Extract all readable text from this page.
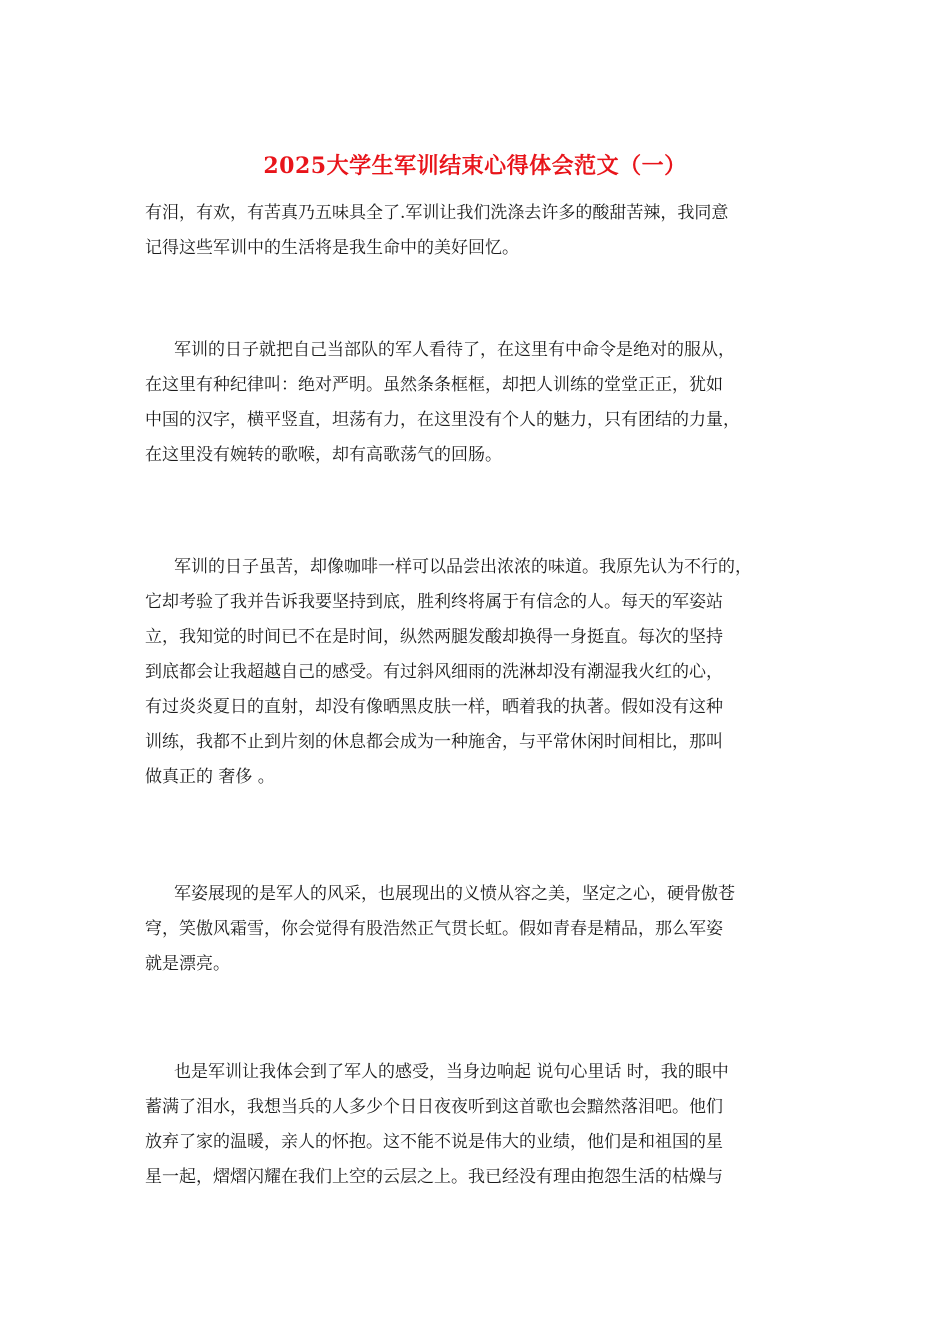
2025大学生军训结束心得体会范文（一）
有泪，有欢，有苦真乃五味具全了.军训让我们洗涤去许多的酸甜苦辣，我同意
记得这些军训中的生活将是我生命中的美好回忆。
军训的日子就把自己当部队的军人看待了，在这里有中命令是绝对的服从，
在这里有种纪律叫：绝对严明。虽然条条框框，却把人训练的堂堂正正，犹如
中国的汉字，横平竖直，坦荡有力，在这里没有个人的魅力，只有团结的力量，
在这里没有婉转的歌喉，却有高歌荡气的回肠。
军训的日子虽苦，却像咖啡一样可以品尝出浓浓的味道。我原先认为不行的，
它却考验了我并告诉我要坚持到底，胜利终将属于有信念的人。每天的军姿站
立，我知觉的时间已不在是时间，纵然两腿发酸却换得一身挺直。每次的坚持
到底都会让我超越自己的感受。有过斜风细雨的洗淋却没有潮湿我火红的心，
有过炎炎夏日的直射，却没有像晒黑皮肤一样，晒着我的执著。假如没有这种
训练，我都不止到片刻的休息都会成为一种施舍，与平常休闲时间相比，那叫
做真正的 奢侈 。
军姿展现的是军人的风采，也展现出的义愤从容之美，坚定之心，硬骨傲苍
穹，笑傲风霜雪，你会觉得有股浩然正气贯长虹。假如青春是精品，那么军姿
就是漂亮。
也是军训让我体会到了军人的感受，当身边响起 说句心里话 时，我的眼中
蓄满了泪水，我想当兵的人多少个日日夜夜听到这首歌也会黯然落泪吧。他们
放弃了家的温暖，亲人的怀抱。这不能不说是伟大的业绩，他们是和祖国的星
星一起，熠熠闪耀在我们上空的云层之上。我已经没有理由抱怨生活的枯燥与
